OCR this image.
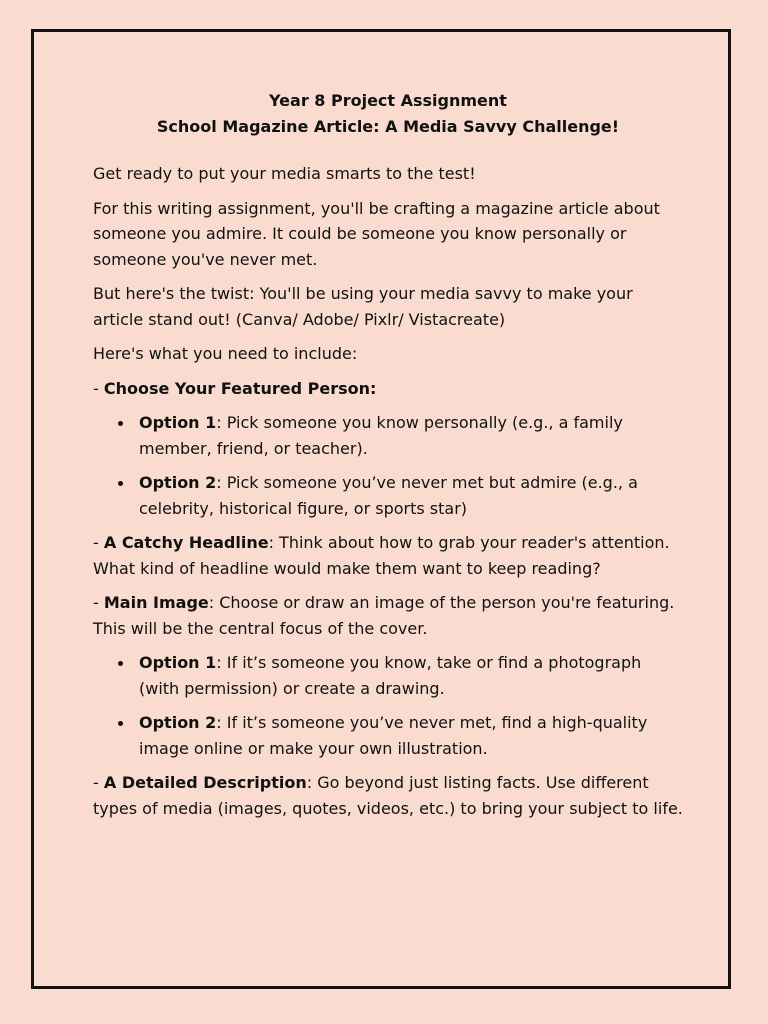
Year 8 Project Assignment

School Magazine Article: A Media Savvy Challenge!

Get ready to put your media smarts to the test!

For this writing assignment, you'll be crafting a magazine article about someone you admire. It could be someone you know personally or someone you've never met.

But here's the twist: You'll be using your media savvy to make your article stand out! (Canva/ Adobe/ Pixlr/ Vistacreate)

Here's what you need to include:

- Choose Your Featured Person:

Option 1: Pick someone you know personally (e.g., a family member, friend, or teacher).
Option 2: Pick someone you’ve never met but admire (e.g., a celebrity, historical figure, or sports star)

- A Catchy Headline: Think about how to grab your reader's attention. What kind of headline would make them want to keep reading?

- Main Image: Choose or draw an image of the person you're featuring. This will be the central focus of the cover.

Option 1: If it’s someone you know, take or find a photograph (with permission) or create a drawing.
Option 2: If it’s someone you’ve never met, find a high-quality image online or make your own illustration.

- A Detailed Description: Go beyond just listing facts. Use different types of media (images, quotes, videos, etc.) to bring your subject to life.
